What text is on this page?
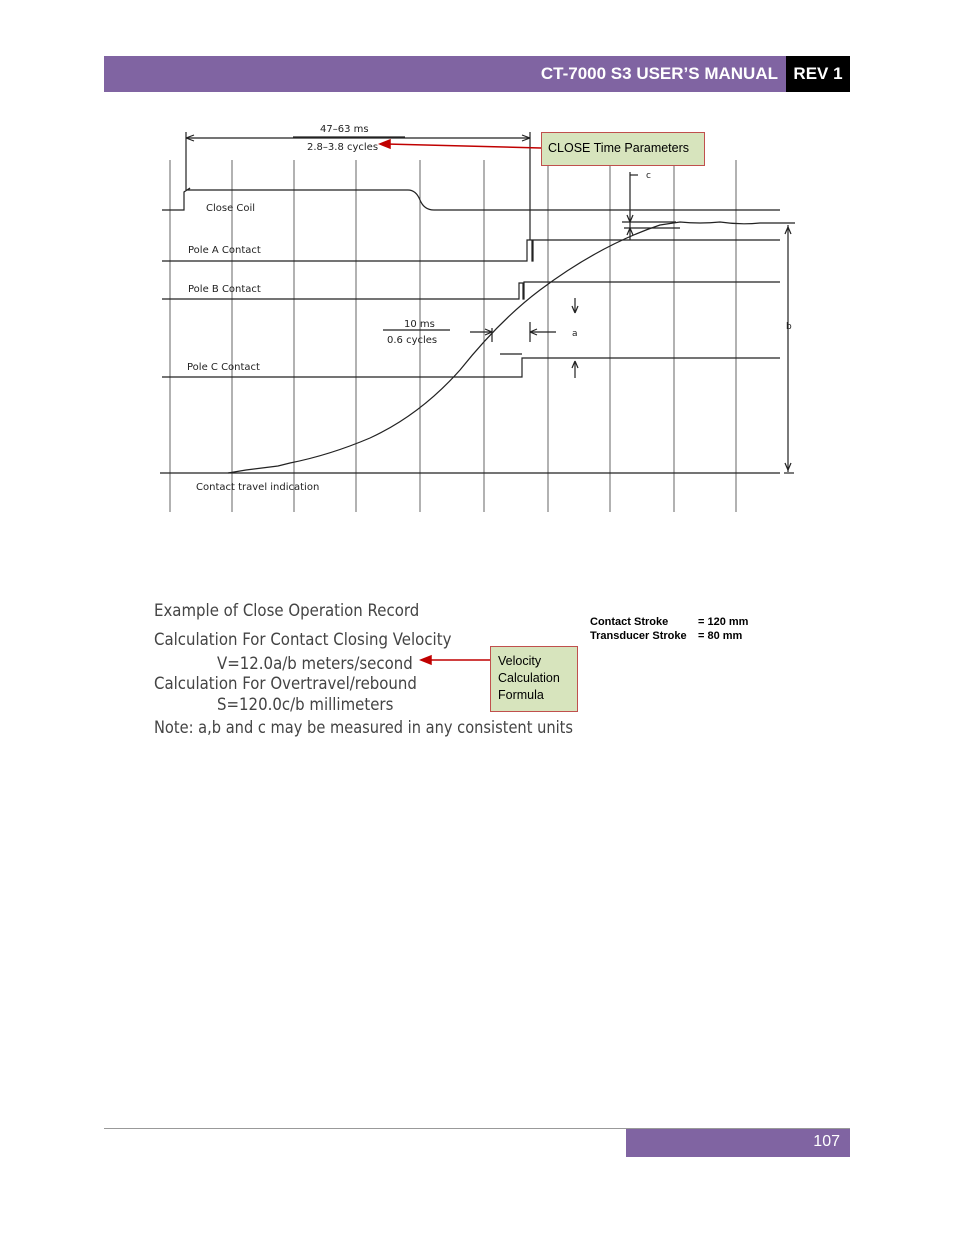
CT-7000 S3 USER’S MANUAL REV 1
47–63 ms
2.8–3.8 cycles
Close Coil
Pole A Contact
Pole B Contact
Pole C Contact
Contact travel indication
10 ms
0.6 cycles
a
b
c
CLOSE Time Parameters
Velocity
Calculation
Formula
Example of Close Operation Record
Calculation For Contact Closing Velocity
V=12.0a/b meters/second
Calculation For Overtravel/rebound
S=120.0c/b millimeters
Note: a,b and c may be measured in any consistent units
Contact Stroke	= 120 mm
Transducer Stroke = 80 mm
107
